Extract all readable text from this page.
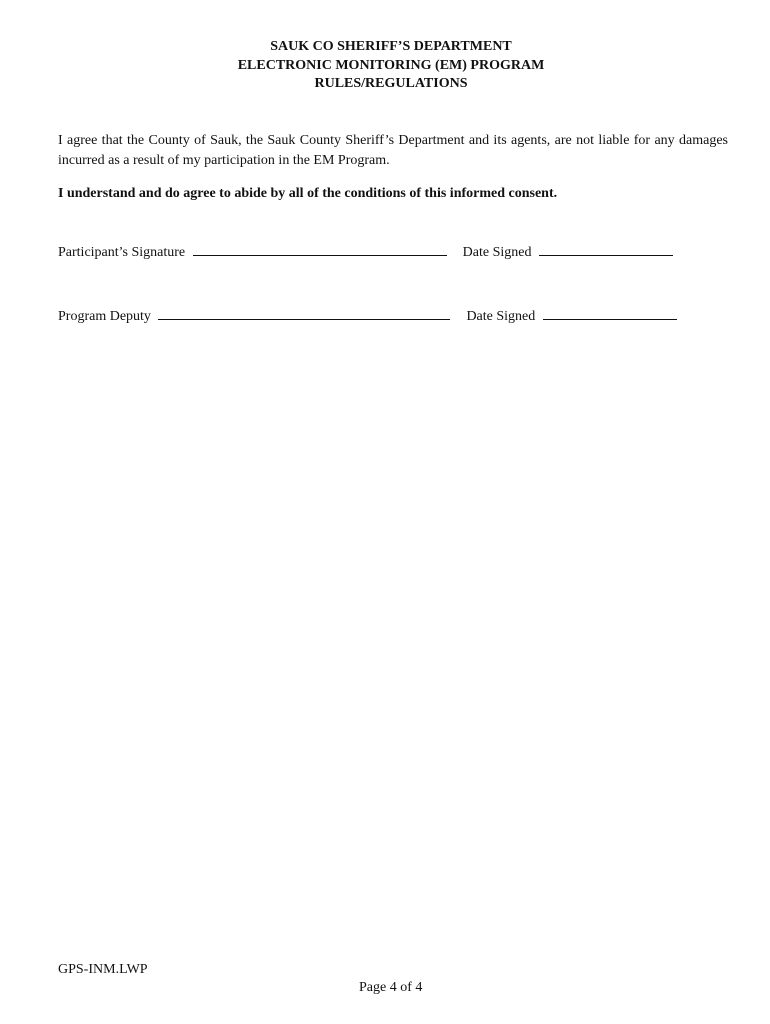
SAUK CO SHERIFF’S DEPARTMENT
ELECTRONIC MONITORING (EM) PROGRAM
RULES/REGULATIONS

I agree that the County of Sauk, the Sauk County Sheriff’s Department and its agents, are not liable for any damages incurred as a result of my participation in the EM Program.

I understand and do agree to abide by all of the conditions of this informed consent.
Participant’s Signature	Date Signed
Program Deputy	Date Signed
GPS-INM.LWP
Page 4 of 4
